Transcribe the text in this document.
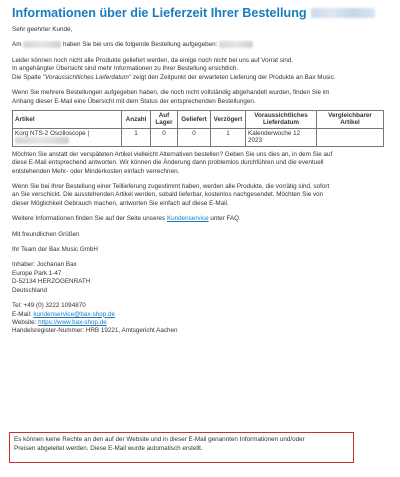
Informationen über die Lieferzeit Ihrer Bestellung

Sehr geehrter Kunde,

Am	haben Sie bei uns die folgende Bestellung aufgegeben:

Leider können noch nicht alle Produkte geliefert werden, da einige noch nicht bei uns auf Vorrat sind.

In angehängter Übersicht sind mehr Informationen zu Ihrer Bestellung ersichtlich.

Die Spalte "Voraussichtliches Lieferdatum" zeigt den Zeitpunkt der erwarteten Lieferung der Produkte an Bax Music.

Wenn Sie mehrere Bestellungen aufgegeben haben, die noch nicht vollständig abgehandelt wurden, finden Sie im

Anhang dieser E-Mail eine Übersicht mit dem Status der entsprechenden Bestellungen.

Artikel	Anzahl	Auf Lager	Geliefert	Verzögert	Voraussichtliches Lieferdatum	Vergleichbarer Artikel
Korg NTS-2 Oscilloscope |	1	0	0	1	Kalenderwoche 12 2023	

Möchten Sie anstatt der verspäteten Artikel vielleicht Alternativen bestellen? Geben Sie uns dies an, in dem Sie auf

diese E-Mail entsprechend antworten. Wir können die Änderung dann problemlos durchführen und die eventuell

entstehenden Mehr- oder Minderkosten einfach verrechnen.

Wenn Sie bei Ihrer Bestellung einer Teillieferung zugestimmt haben, werden alle Produkte, die vorrätig sind, sofort

an Sie verschickt. Die ausstehenden Artikel werden, sobald lieferbar, kostenlos nachgesendet. Möchten Sie von

dieser Möglichkeit Gebrauch machen, antworten Sie einfach auf diese E-Mail.

Weitere Informationen finden Sie auf der Seite unseres Kundenservice unter FAQ.

Mit freundlichen Grüßen

Ihr Team der Bax Music GmbH

Inhaber: Jochanan Bax

Europe Park 1-47

D-52134 HERZOGENRATH

Deutschland

Tel: +49 (0) 3222 1094870

E-Mail: kundenservice@bax-shop.de

Website: https://www.bax-shop.de

Handelsregister-Nummer: HRB 19221, Amtsgericht Aachen

Es können keine Rechte an den auf der Website und in dieser E-Mail genannten Informationen und/oder

Preisen abgeleitet werden. Diese E-Mail wurde automatisch erstellt.
